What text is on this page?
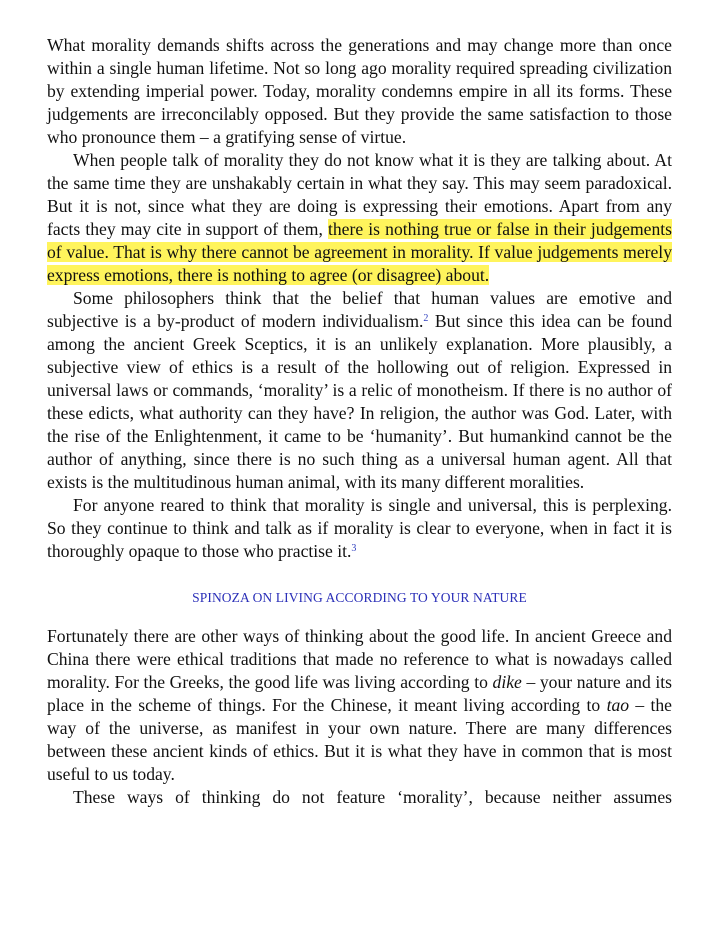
What morality demands shifts across the generations and may change more than once within a single human lifetime. Not so long ago morality required spreading civilization by extending imperial power. Today, morality condemns empire in all its forms. These judgements are irreconcilably opposed. But they provide the same satisfaction to those who pronounce them – a gratifying sense of virtue.

When people talk of morality they do not know what it is they are talking about. At the same time they are unshakably certain in what they say. This may seem paradoxical. But it is not, since what they are doing is expressing their emotions. Apart from any facts they may cite in support of them, there is nothing true or false in their judgements of value. That is why there cannot be agreement in morality. If value judgements merely express emotions, there is nothing to agree (or disagree) about.

Some philosophers think that the belief that human values are emotive and subjective is a by-product of modern individualism.$^2$ But since this idea can be found among the ancient Greek Sceptics, it is an unlikely explanation. More plausibly, a subjective view of ethics is a result of the hollowing out of religion. Expressed in universal laws or commands, ‘morality’ is a relic of monotheism. If there is no author of these edicts, what authority can they have? In religion, the author was God. Later, with the rise of the Enlightenment, it came to be ‘humanity’. But humankind cannot be the author of anything, since there is no such thing as a universal human agent. All that exists is the multitudinous human animal, with its many different moralities.

For anyone reared to think that morality is single and universal, this is perplexing. So they continue to think and talk as if morality is clear to everyone, when in fact it is thoroughly opaque to those who practise it.$^3$

SPINOZA ON LIVING ACCORDING TO YOUR NATURE

Fortunately there are other ways of thinking about the good life. In ancient Greece and China there were ethical traditions that made no reference to what is nowadays called morality. For the Greeks, the good life was living according to dike – your nature and its place in the scheme of things. For the Chinese, it meant living according to tao – the way of the universe, as manifest in your own nature. There are many differences between these ancient kinds of ethics. But it is what they have in common that is most useful to us today.

These ways of thinking do not feature ‘morality’, because neither assumes
